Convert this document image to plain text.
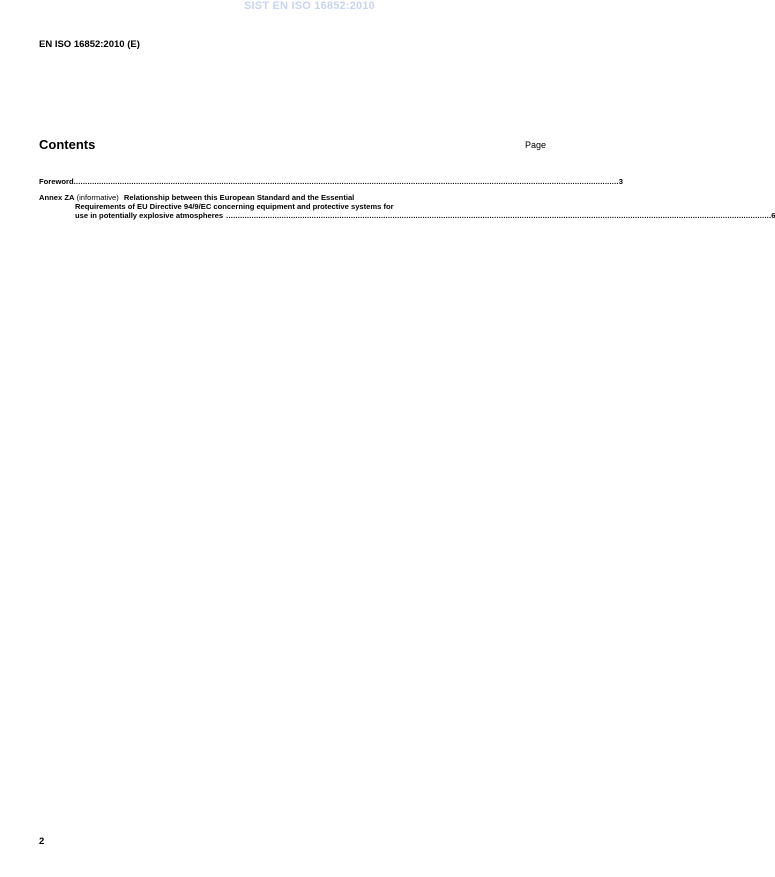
SIST EN ISO 16852:2010
EN ISO 16852:2010 (E)
Contents	Page
Foreword ............................................................................................................................................................................................................................................ 3
Annex ZA (informative) Relationship between this European Standard and the Essential
Requirements of EU Directive 94/9/EC concerning equipment and protective systems for
use in potentially explosive atmospheres ............................................................................................................................................................................................................................................ 6
2
